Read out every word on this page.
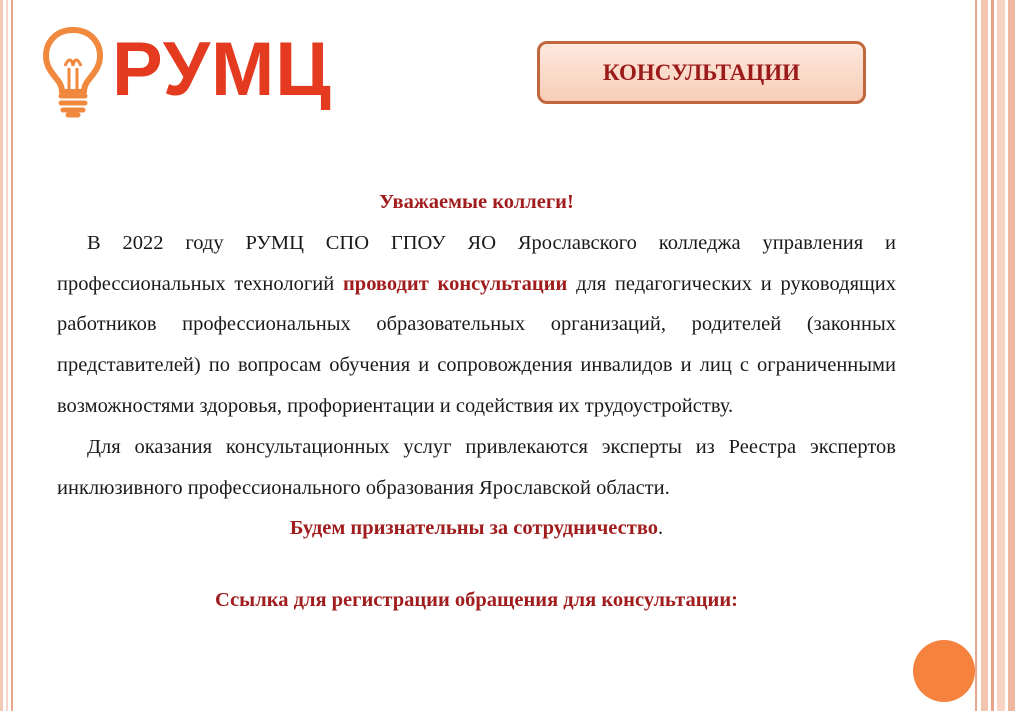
РУМЦ	КОНСУЛЬТАЦИИ

Уважаемые коллеги!

В 2022 году РУМЦ СПО ГПОУ ЯО Ярославского колледжа управления и профессиональных технологий проводит консультации для педагогических и руководящих работников профессиональных образовательных организаций, родителей (законных представителей) по вопросам обучения и сопровождения инвалидов и лиц с ограниченными возможностями здоровья, профориентации и содействия их трудоустройству.

Для оказания консультационных услуг привлекаются эксперты из Реестра экспертов инклюзивного профессионального образования Ярославской области.

Будем признательны за сотрудничество.

Ссылка для регистрации обращения для консультации:
